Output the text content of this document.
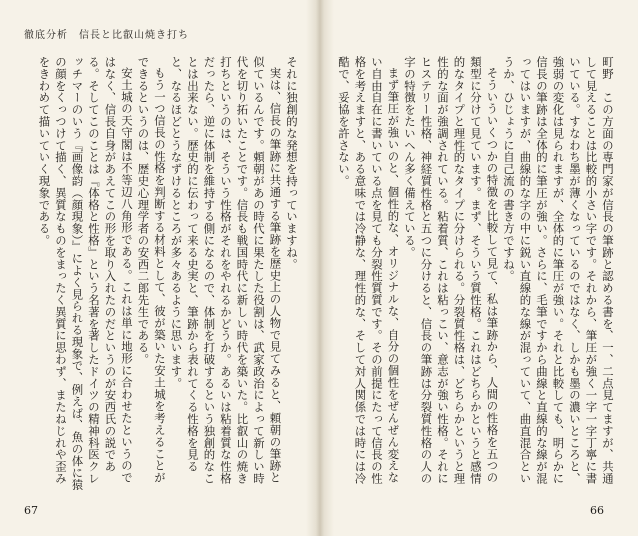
徹底分析　信長と比叡山焼き打ち

それに独創的な発想を持っていますね。

実は、信長の筆跡に共通する筆跡を歴史上の人物で見てみると、頼朝の筆跡と似ているんです。頼朝があの時代に果たした役割は、武家政治によって新しい時代を切り拓いたことです。信長も戦国時代に新しい時代を築いた。比叡山の焼き打ちというのは、そういう性格がそれをやれるかどうか。あるいは粘着質な性格だったら、逆に体制を維持する側になるので、体制を打破するという独創的なことは出来ない。歴史的に伝わって来る史実と、筆跡から表れてくる性格を見ると、なるほどとうなずけるところが多々あるように思います。

もう一つ信長の性格を判断する材料として、彼が築いた安土城を考えることができるというのは、歴史心理学者の安西二郎先生である。

安土城の天守閣は不等辺八角形である。これは単に地形に合わせたというのではなく、信長自身があえてこの形を取り入れたのだというのが安西氏の説である。そしてこのことは『体格と性格』という名著を著したドイツの精神科医クレッチマーのいう『画像韵（顔現象）』によく見られる現象で、例えば、魚の体に猿の顔をくっつけて描く、異質なものをまったく異質に思わず、またねじれや歪みをきわめて描いていく現象である。

67

町野　この方面の専門家が信長の筆跡と認める書を、一、二点見てますが、共通して見えることは比較的小さい字です。それから、筆圧が強く一字一字丁寧に書いている。すなわち墨が薄くなっているのではなく、しかも墨の濃いところと、強弱の変化は見られますが、全体的に筆圧が強い。それと比較しても、明らかに信長の筆跡は全体的に筆圧が強い。さらに、毛筆ですから曲線と直線的な線が混ってはいますが、曲線的な字の中に鋭い直線的な線が混っていて、曲直混合というか、ひじょうに自己流の書き方ですね。

そういういくつかの特徴を比較して見て、私は筆跡から、人間の性格を五つの類型に分けて見ています。まず、そういう質性格。これはどちらかというと感情的なタイプと理性的なタイプに分けられる。分裂質性格は、どちらかというと理性的な面が強調されている。粘着質、これは粘っこい、意志が強い性格。それにヒステリー性格、神経質性格と五つに分けると、信長の筆跡は分裂質性格の人の字の特徴をたいへん多く備えている。

まず筆圧が強いのと、個性的な、オリジナルな、自分の個性をぜんぜん変えない自由自在に書いている点を見ても分裂性質質です。その前提にたって信長の性格を考えますと、ある意味では冷静な、理性的な、そして対人関係では時には冷酷で、妥協を許さない。

66
